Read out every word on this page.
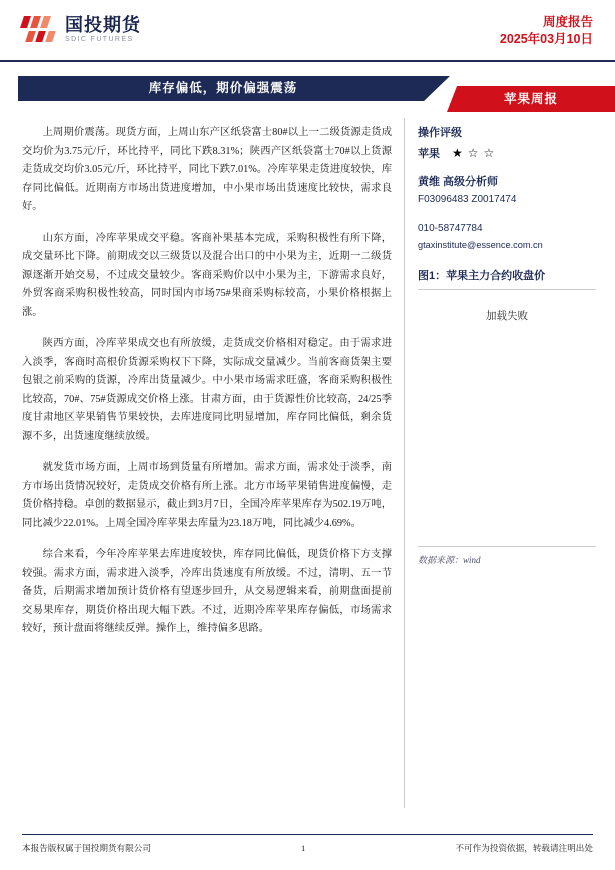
国投期货
SDIC FUTURES
周度报告
2025年03月10日
库存偏低，期价偏强震荡
苹果周报

上周期价震荡。现货方面，上周山东产区纸袋富士80#以上一二级货源走货成交均价为3.75元/斤，环比持平，同比下跌8.31%；陕西产区纸袋富士70#以上货源走货成交均价3.05元/斤，环比持平，同比下跌7.01%。冷库苹果走货进度较快，库存同比偏低。近期南方市场出货进度增加，中小果市场出货速度比较快，需求良好。

山东方面，冷库苹果成交平稳。客商补果基本完成，采购积极性有所下降，成交量环比下降。前期成交以三级货以及混合出口的中小果为主，近期一二级货源逐渐开始交易，不过成交量较少。客商采购价以中小果为主，下游需求良好，外贸客商采购积极性较高，同时国内市场75#果商采购标较高，小果价格根据上涨。

陕西方面，冷库苹果成交也有所放缓，走货成交价格相对稳定。由于需求进入淡季，客商时高根价货源采购权下下降，实际成交量减少。当前客商货架主要包银之前采购的货源，冷库出货量减少。中小果市场需求旺盛，客商采购积极性比较高，70#、75#货源成交价格上涨。甘肃方面，由于货源性价比较高，24/25季度甘肃地区苹果销售节果较快，去库进度同比明显增加，库存同比偏低，剩余货源不多，出货速度继续放缓。

就发货市场方面，上周市场到货量有所增加。需求方面，需求处于淡季，南方市场出货情况较好，走货成交价格有所上涨。北方市场苹果销售进度偏慢，走货价格持稳。卓创的数据显示，截止到3月7日，全国冷库苹果库存为502.19万吨，同比减少22.01%。上周全国冷库苹果去库量为23.18万吨，同比减少4.69%。

综合来看，今年冷库苹果去库进度较快，库存同比偏低，现货价格下方支撑较强。需求方面，需求进入淡季，冷库出货速度有所放缓。不过，清明、五一节备货，后期需求增加预计货价格有望逐步回升，从交易逻辑来看，前期盘面提前交易果库存，期货价格出现大幅下跌。不过，近期冷库苹果库存偏低，市场需求较好，预计盘面将继续反弹。操作上，维持偏多思路。

操作评级
苹果 ★ ☆ ☆
黄维 高级分析师
F03096483 Z0017474
010-58747784
gtaxinstitute@essence.com.cn
图1：苹果主力合约收盘价
加载失败
数据来源：wind
本报告版权属于国投期货有限公司	1	不可作为投资依据，转载请注明出处
